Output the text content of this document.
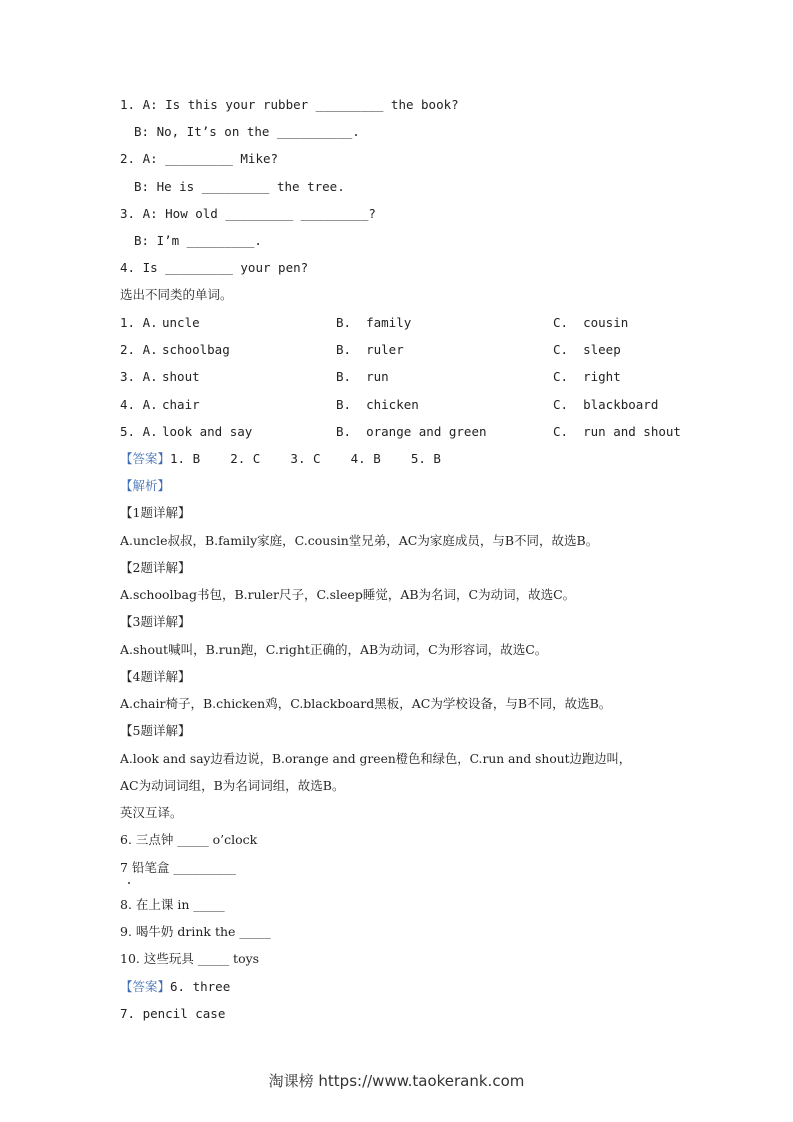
1. A: Is this your rubber _________ the book?
B: No, It’s on the __________.
2. A: _________ Mike?
B: He is _________ the tree.
3. A: How old _________ _________?
B: I’m _________.
4. Is _________ your pen?
选出不同类的单词。
1. A. uncle	B.  family	C.  cousin
2. A. schoolbag	B.  ruler	C.  sleep
3. A. shout	B.  run	C.  right
4. A. chair	B.  chicken	C.  blackboard
5. A. look and say	B.  orange and green	C.  run and shout
【答案】1. B    2. C    3. C    4. B    5. B
【解析】
【1题详解】
A.uncle叔叔，B.family家庭，C.cousin堂兄弟，AC为家庭成员，与B不同，故选B。
【2题详解】
A.schoolbag书包，B.ruler尺子，C.sleep睡觉，AB为名词，C为动词，故选C。
【3题详解】
A.shout喊叫，B.run跑，C.right正确的，AB为动词，C为形容词，故选C。
【4题详解】
A.chair椅子，B.chicken鸡，C.blackboard黑板，AC为学校设备，与B不同，故选B。
【5题详解】
A.look and say边看边说，B.orange and green橙色和绿色，C.run and shout边跑边叫，
AC为动词词组，B为名词词组，故选B。
英汉互译。
6. 三点钟 _____ o’clock
7 铅笔盒 __________
8. 在上课 in _____
9. 喝牛奶 drink the _____
10. 这些玩具 _____ toys
【答案】6. three
7. pencil case
淘课榜 https://www.taokerank.com
